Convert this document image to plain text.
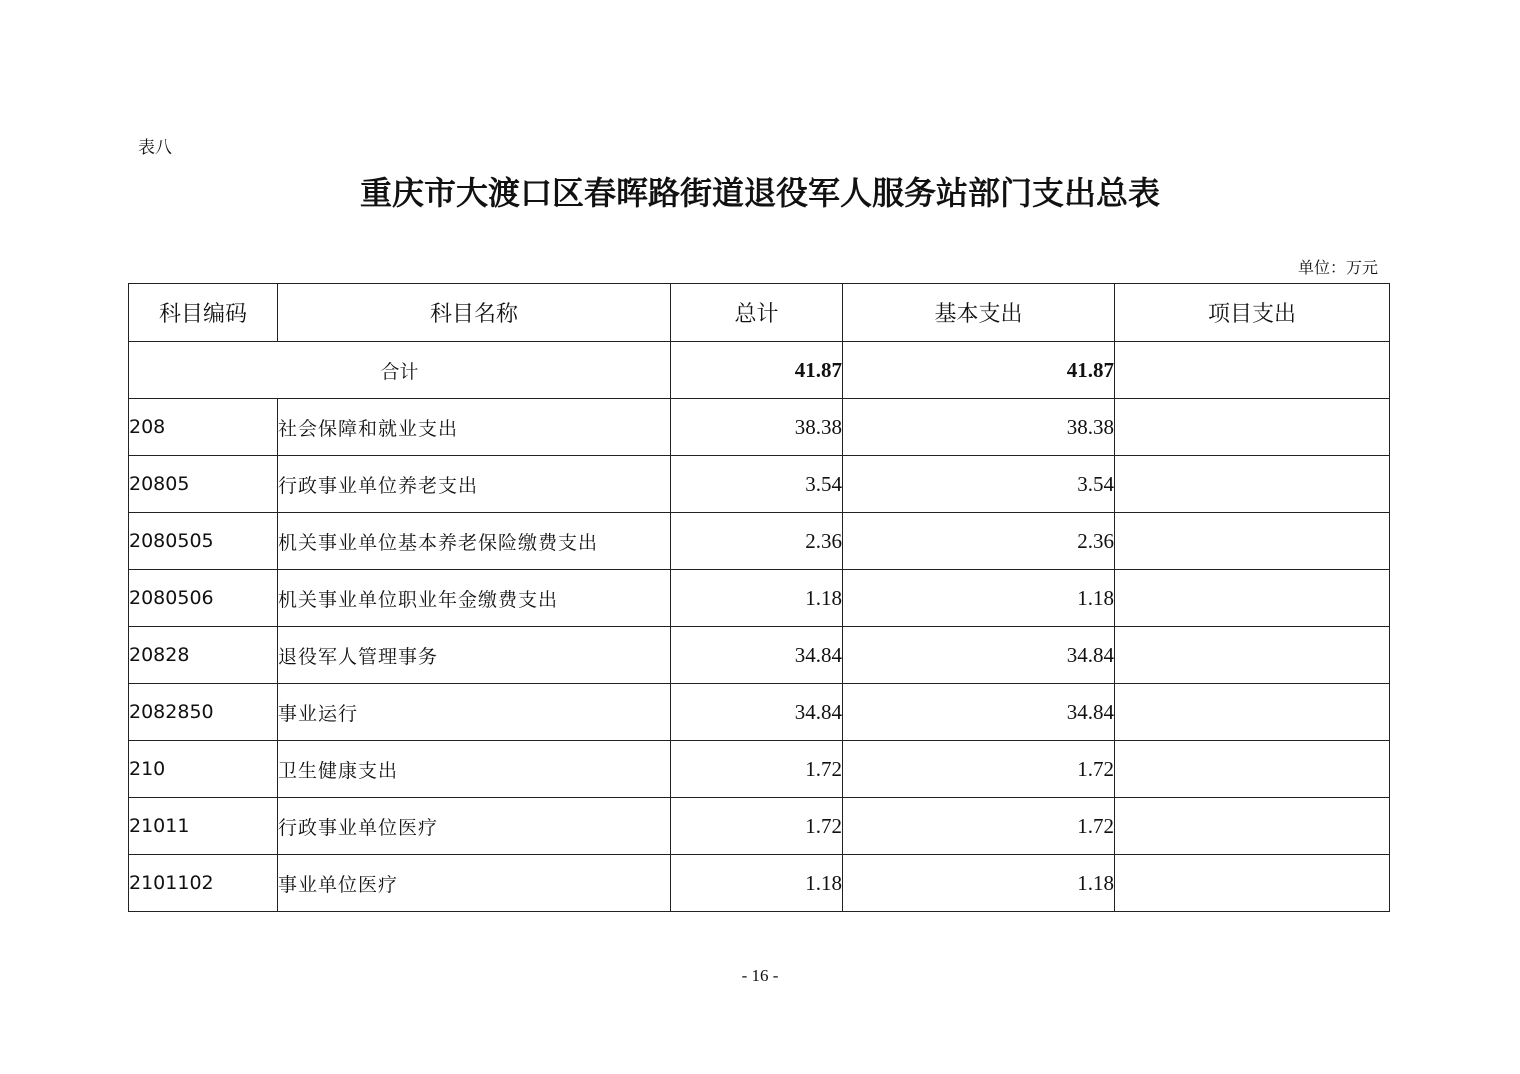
表八
重庆市大渡口区春晖路街道退役军人服务站部门支出总表
单位：万元
科目编码	科目名称	总计	基本支出	项目支出
合计		41.87	41.87	
208	社会保障和就业支出	38.38	38.38	
20805	行政事业单位养老支出	3.54	3.54	
2080505	机关事业单位基本养老保险缴费支出	2.36	2.36	
2080506	机关事业单位职业年金缴费支出	1.18	1.18	
20828	退役军人管理事务	34.84	34.84	
2082850	事业运行	34.84	34.84	
210	卫生健康支出	1.72	1.72	
21011	行政事业单位医疗	1.72	1.72	
2101102	事业单位医疗	1.18	1.18	
- 16 -
